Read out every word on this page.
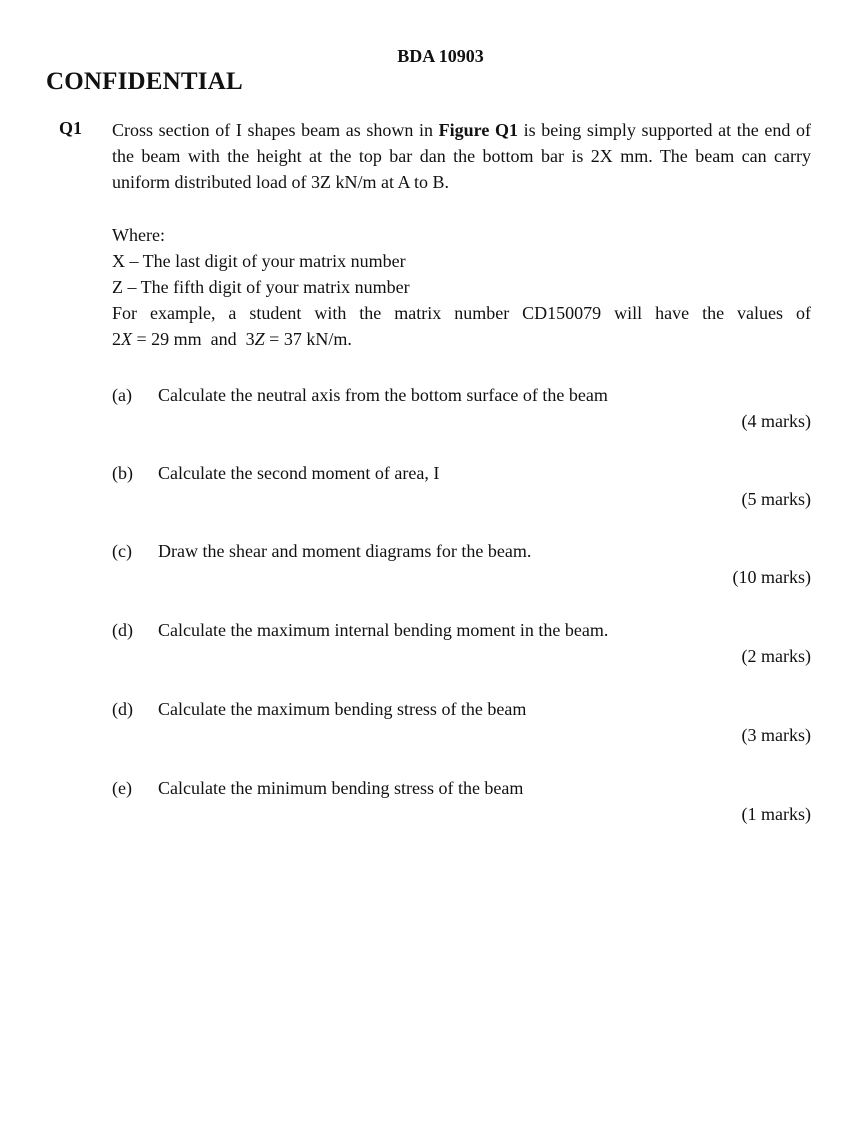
BDA 10903
CONFIDENTIAL
Q1 Cross section of I shapes beam as shown in Figure Q1 is being simply supported at the end of the beam with the height at the top bar dan the bottom bar is 2X mm. The beam can carry uniform distributed load of 3Z kN/m at A to B.

Where:
X – The last digit of your matrix number
Z – The fifth digit of your matrix number
For example, a student with the matrix number CD150079 will have the values of
2X = 29 mm and 3Z = 37 kN/m.
(a) Calculate the neutral axis from the bottom surface of the beam
(4 marks)
(b) Calculate the second moment of area, I
(5 marks)
(c) Draw the shear and moment diagrams for the beam.
(10 marks)
(d) Calculate the maximum internal bending moment in the beam.
(2 marks)
(d) Calculate the maximum bending stress of the beam
(3 marks)
(e) Calculate the minimum bending stress of the beam
(1 marks)
